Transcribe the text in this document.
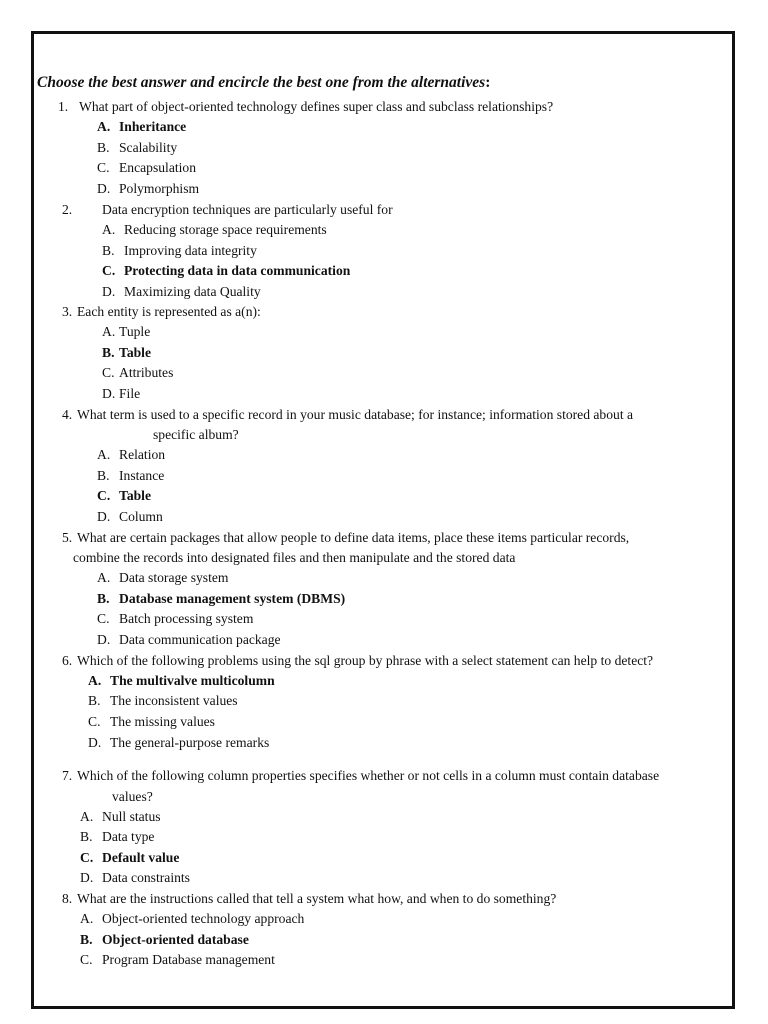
Choose the best answer and encircle the best one from the alternatives:
1. What part of object-oriented technology defines super class and subclass relationships?
A. Inheritance
B. Scalability
C. Encapsulation
D. Polymorphism
2. Data encryption techniques are particularly useful for
A. Reducing storage space requirements
B. Improving data integrity
C. Protecting data in data communication
D. Maximizing data Quality
3. Each entity is represented as a(n):
A. Tuple
B. Table
C. Attributes
D. File
4. What term is used to a specific record in your music database; for instance; information stored about a
specific album?
A. Relation
B. Instance
C. Table
D. Column
5. What are certain packages that allow people to define data items, place these items particular records,
combine the records into designated files and then manipulate and the stored data
A. Data storage system
B. Database management system (DBMS)
C. Batch processing system
D. Data communication package
6. Which of the following problems using the sql group by phrase with a select statement can help to detect?
A. The multivalve multicolumn
B. The inconsistent values
C. The missing values
D. The general-purpose remarks
7. Which of the following column properties specifies whether or not cells in a column must contain database
values?
A. Null status
B. Data type
C. Default value
D. Data constraints
8. What are the instructions called that tell a system what how, and when to do something?
A. Object-oriented technology approach
B. Object-oriented database
C. Program Database management
